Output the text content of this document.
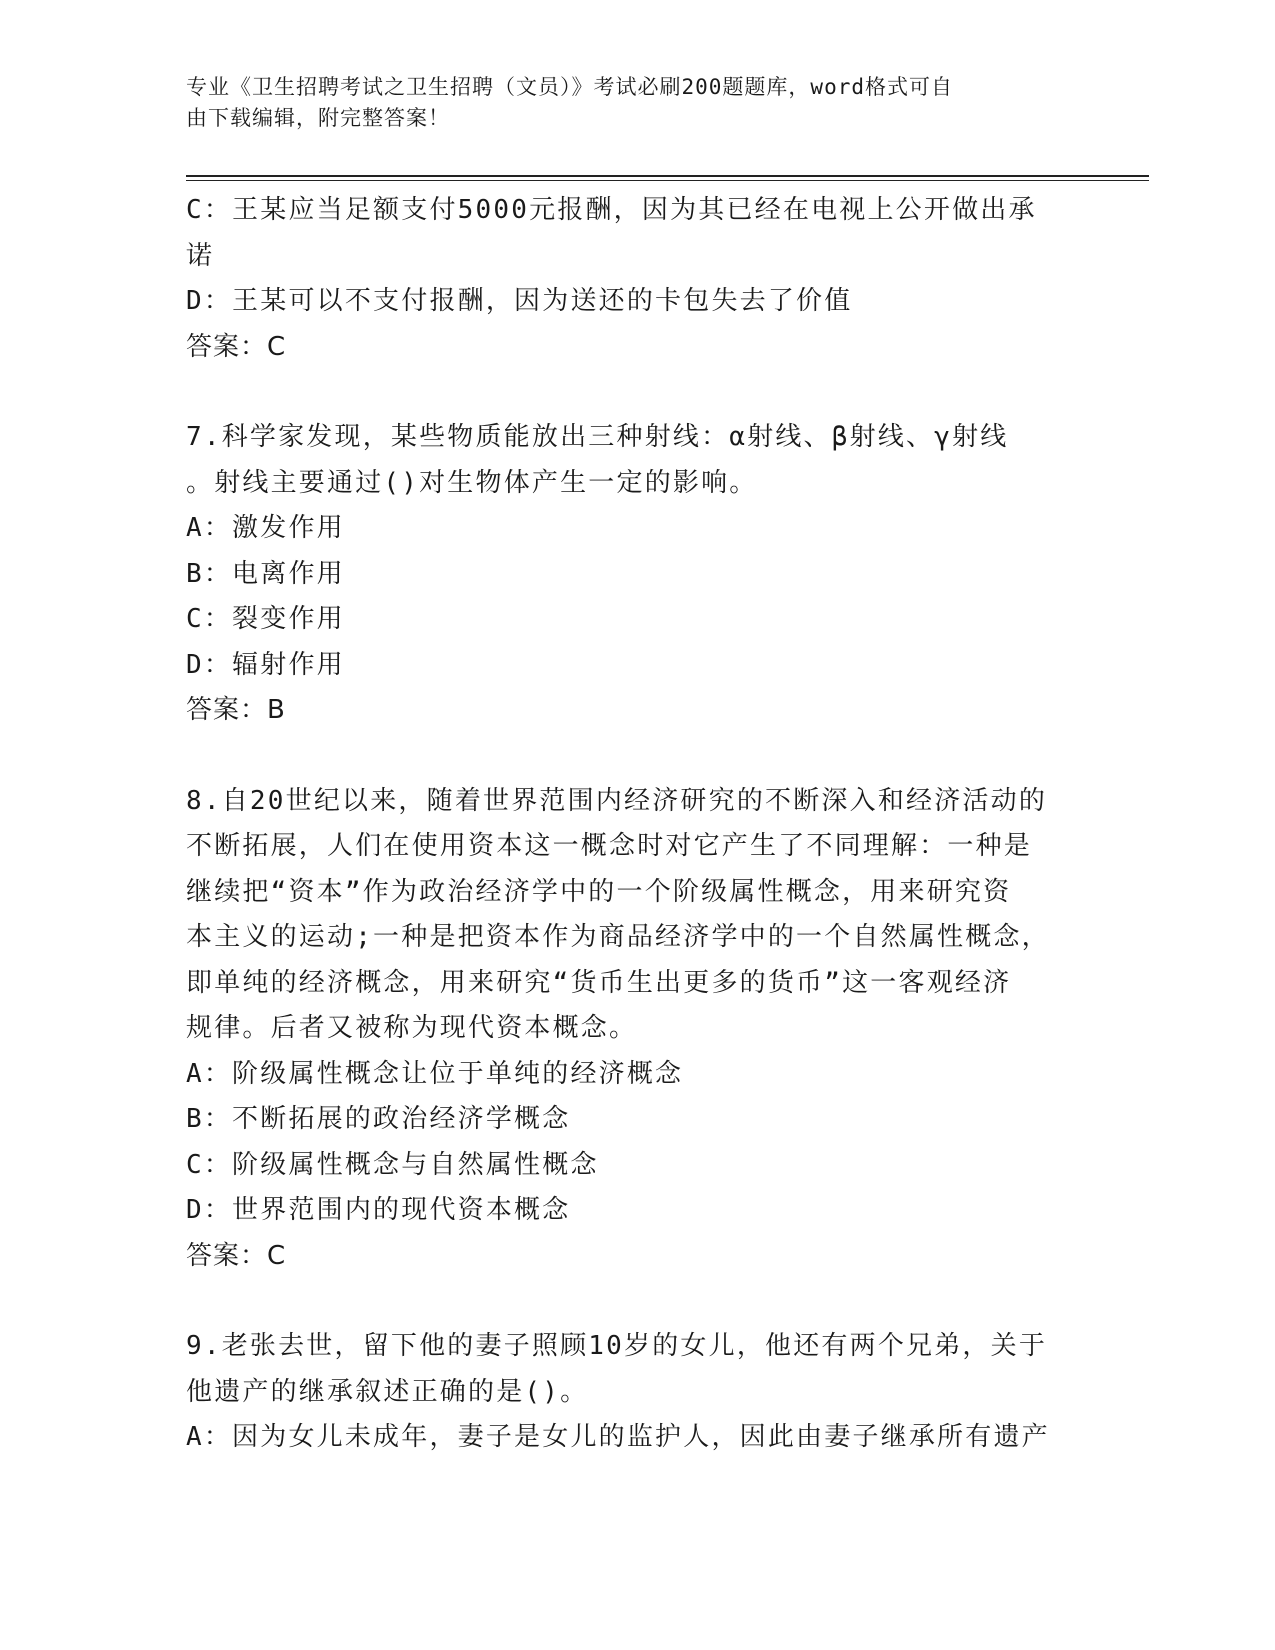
专业《卫生招聘考试之卫生招聘（文员）》考试必刷200题题库，word格式可自
由下载编辑，附完整答案！
C：王某应当足额支付5000元报酬，因为其已经在电视上公开做出承
诺
D：王某可以不支付报酬，因为送还的卡包失去了价值
答案：C
7.科学家发现，某些物质能放出三种射线：α射线、β射线、γ射线
。射线主要通过()对生物体产生一定的影响。
A：激发作用
B：电离作用
C：裂变作用
D：辐射作用
答案：B
8.自20世纪以来，随着世界范围内经济研究的不断深入和经济活动的
不断拓展，人们在使用资本这一概念时对它产生了不同理解：一种是
继续把“资本”作为政治经济学中的一个阶级属性概念，用来研究资
本主义的运动;一种是把资本作为商品经济学中的一个自然属性概念，
即单纯的经济概念，用来研究“货币生出更多的货币”这一客观经济
规律。后者又被称为现代资本概念。
A：阶级属性概念让位于单纯的经济概念
B：不断拓展的政治经济学概念
C：阶级属性概念与自然属性概念
D：世界范围内的现代资本概念
答案：C
9.老张去世，留下他的妻子照顾10岁的女儿，他还有两个兄弟，关于
他遗产的继承叙述正确的是()。
A：因为女儿未成年，妻子是女儿的监护人，因此由妻子继承所有遗产
